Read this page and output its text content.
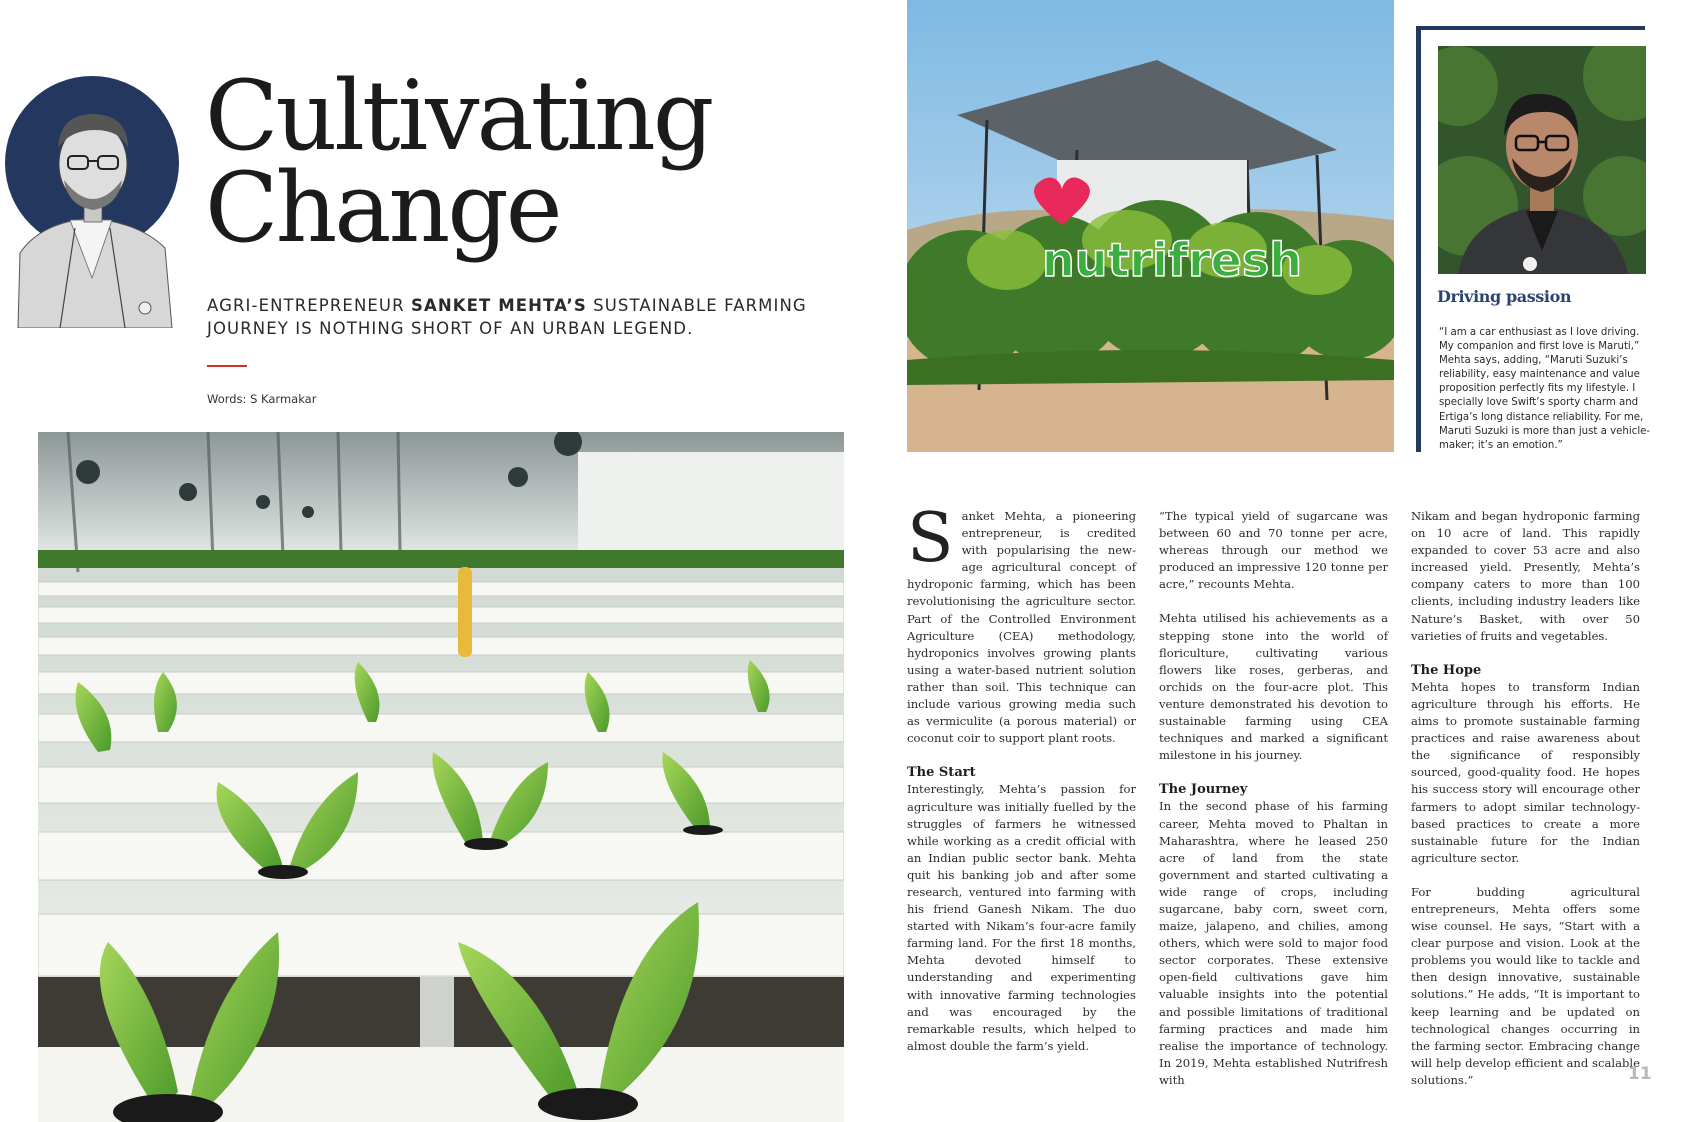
Cultivating
Change

AGRI-ENTREPRENEUR SANKET MEHTA’S SUSTAINABLE FARMING JOURNEY IS NOTHING SHORT OF AN URBAN LEGEND.

Words: S Karmakar
nutrifresh
Driving passion

“I am a car enthusiast as I love driving. My companion and first love is Maruti,” Mehta says, adding, “Maruti Suzuki’s reliability, easy maintenance and value proposition perfectly fits my lifestyle. I specially love Swift’s sporty charm and Ertiga’s long distance reliability. For me, Maruti Suzuki is more than just a vehicle-maker; it’s an emotion.”

Sanket Mehta, a pioneering entrepreneur, is credited with popularising the new-age agricultural concept of hydroponic farming, which has been revolutionising the agriculture sector. Part of the Controlled Environment Agriculture (CEA) methodology, hydroponics involves growing plants using a water-based nutrient solution rather than soil. This technique can include various growing media such as vermiculite (a porous material) or coconut coir to support plant roots.

The Start

Interestingly, Mehta’s passion for agriculture was initially fuelled by the struggles of farmers he witnessed while working as a credit official with an Indian public sector bank. Mehta quit his banking job and after some research, ventured into farming with his friend Ganesh Nikam. The duo started with Nikam’s four-acre family farming land. For the first 18 months, Mehta devoted himself to understanding and experimenting with innovative farming technologies and was encouraged by the remarkable results, which helped to almost double the farm’s yield.

“The typical yield of sugarcane was between 60 and 70 tonne per acre, whereas through our method we produced an impressive 120 tonne per acre,” recounts Mehta.

Mehta utilised his achievements as a stepping stone into the world of floriculture, cultivating various flowers like roses, gerberas, and orchids on the four-acre plot. This venture demonstrated his devotion to sustainable farming using CEA techniques and marked a significant milestone in his journey.

The Journey

In the second phase of his farming career, Mehta moved to Phaltan in Maharashtra, where he leased 250 acre of land from the state government and started cultivating a wide range of crops, including sugarcane, baby corn, sweet corn, maize, jalapeno, and chilies, among others, which were sold to major food sector corporates. These extensive open-field cultivations gave him valuable insights into the potential and possible limitations of traditional farming practices and made him realise the importance of technology. In 2019, Mehta established Nutrifresh with

Nikam and began hydroponic farming on 10 acre of land. This rapidly expanded to cover 53 acre and also increased yield. Presently, Mehta’s company caters to more than 100 clients, including industry leaders like Nature’s Basket, with over 50 varieties of fruits and vegetables.

The Hope

Mehta hopes to transform Indian agriculture through his efforts. He aims to promote sustainable farming practices and raise awareness about the significance of responsibly sourced, good-quality food. He hopes his success story will encourage other farmers to adopt similar technology-based practices to create a more sustainable future for the Indian agriculture sector.

For budding agricultural entrepreneurs, Mehta offers some wise counsel. He says, “Start with a clear purpose and vision. Look at the problems you would like to tackle and then design innovative, sustainable solutions.” He adds, “It is important to keep learning and be updated on technological changes occurring in the farming sector. Embracing change will help develop efficient and scalable solutions.”	11
